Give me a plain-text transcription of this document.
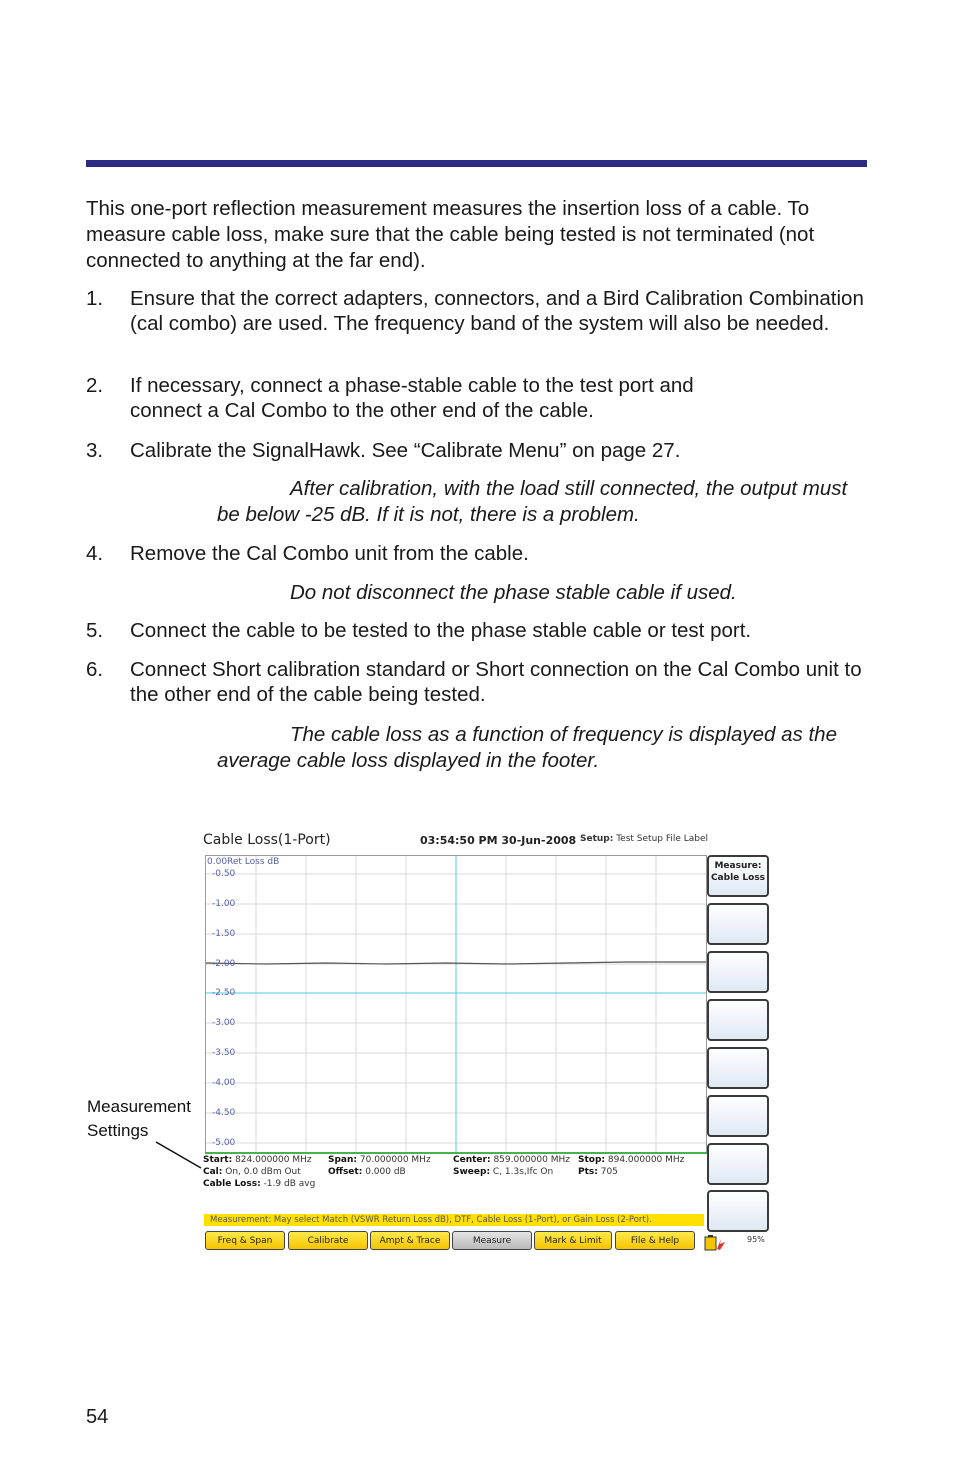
This one-port reflection measurement measures the insertion loss of a cable. To measure cable loss, make sure that the cable being tested is not terminated (not connected to anything at the far end).

1. Ensure that the correct adapters, connectors, and a Bird Calibration Combination (cal combo) are used. The frequency band of the system will also be needed.
2. If necessary, connect a phase-stable cable to the test port and connect a Cal Combo to the other end of the cable.
3. Calibrate the SignalHawk. See “Calibrate Menu” on page 27.
After calibration, with the load still connected, the output must be below -25 dB. If it is not, there is a problem.
4. Remove the Cal Combo unit from the cable.
Do not disconnect the phase stable cable if used.
5. Connect the cable to be tested to the phase stable cable or test port.
6. Connect Short calibration standard or Short connection on the Cal Combo unit to the other end of the cable being tested.
The cable loss as a function of frequency is displayed as the average cable loss displayed in the footer.
Cable Loss(1-Port)	03:54:50 PM 30-Jun-2008 Setup: Test Setup File Label
0.00Ret Loss dB
-0.50
-1.00
-1.50
-2.00
-2.50
-3.00
-3.50
-4.00
-4.50
-5.00
Start: 824.000000 MHz Span: 70.000000 MHz Center: 859.000000 MHz Stop: 894.000000 MHz
Cal: On, 0.0 dBm Out	Offset: 0.000 dB	Sweep: C, 1.3s,Ifc On	Pts: 705
Cable Loss: -1.9 dB avg
Measure:
Cable Loss
Measurement: May select Match (VSWR Return Loss dB), DTF, Cable Loss (1-Port), or Gain Loss (2-Port).
Freq & Span	Calibrate	Ampt & Trace	Measure	Mark & Limit	File & Help	95%
Measurement
Settings
54
